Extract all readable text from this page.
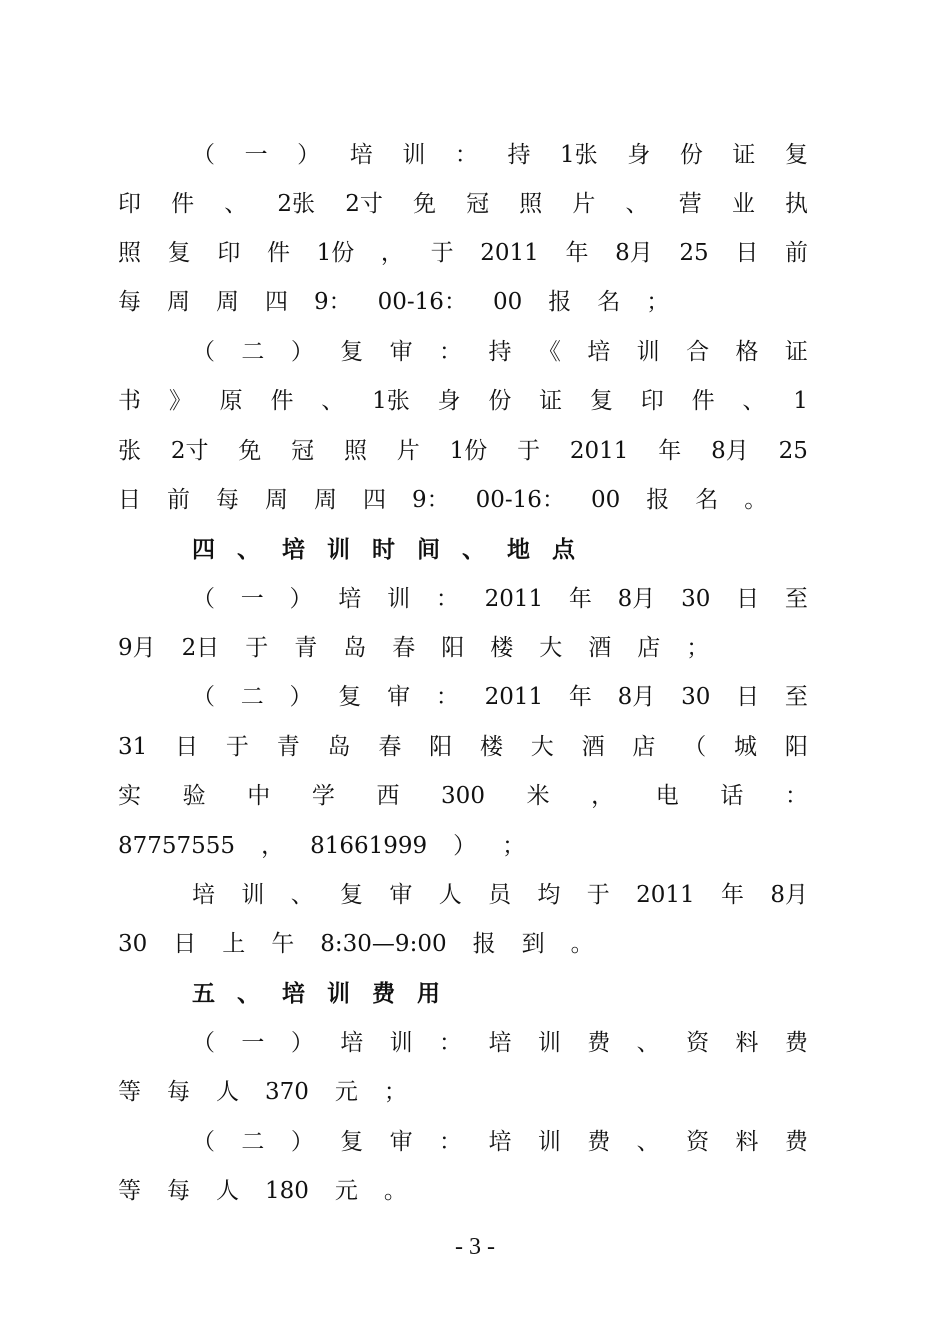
（ 一 ） 培 训 ： 持 1张 身 份 证 复
印 件 、 2张 2寸 免 冠 照 片 、 营 业 执
照 复 印 件 1份 ， 于 2011 年 8月 25 日 前
每 周 周 四 9： 00-16： 00 报 名 ；
（ 二 ） 复 审 ： 持 《 培 训 合 格 证
书 》 原 件 、 1张 身 份 证 复 印 件 、 1
张 2寸 免 冠 照 片 1份 于 2011 年 8月 25
日 前 每 周 周 四 9： 00-16： 00 报 名 。
四 、 培 训 时 间 、 地 点
（ 一 ） 培 训 ： 2011 年 8月 30 日 至
9月 2日 于 青 岛 春 阳 楼 大 酒 店 ；
（ 二 ） 复 审 ： 2011 年 8月 30 日 至
31 日 于 青 岛 春 阳 楼 大 酒 店 （ 城 阳
实 验 中 学 西 300 米 ， 电 话 ：
87757555 ， 81661999 ） ；
培 训 、 复 审 人 员 均 于 2011 年 8月
30 日 上 午 8:30—9:00 报 到 。
五 、 培 训 费 用
（ 一 ） 培 训 ： 培 训 费 、 资 料 费
等 每 人 370 元 ；
（ 二 ） 复 审 ： 培 训 费 、 资 料 费
等 每 人 180 元 。
- 3 -
